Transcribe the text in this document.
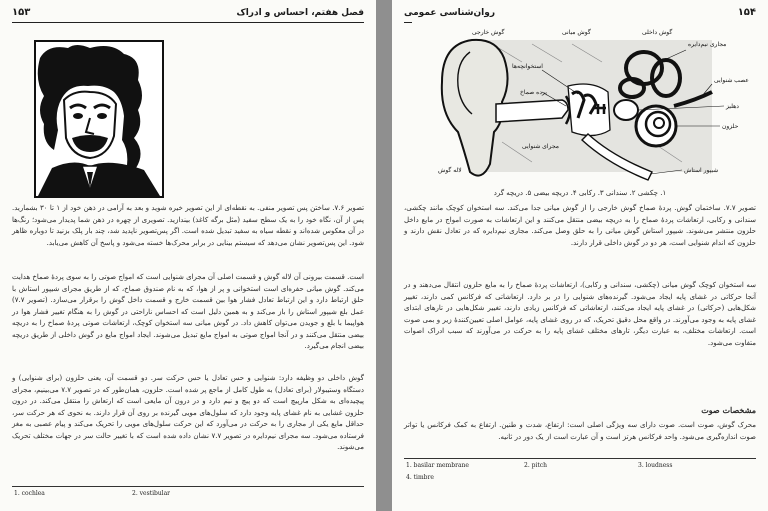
۱۵۳	فصل هفتم، احساس و ادراک
تصویر ۷.۶. ساختن پس تصویر منفی. به نقطه‌ای از این تصویر خیره شوید و بعد به آرامی در ذهن خود از ۱ تا ۳۰ بشمارید. پس از آن، نگاه خود را به یک سطح سفید (مثل برگه کاغذ) بیندازید. تصویری از چهره در ذهن شما پدیدار می‌شود؛ رنگ‌ها در آن معکوس شده‌اند و نقطه سیاه به سفید تبدیل شده است. اگر پس‌تصویر ناپدید شد، چند بار پلک بزنید تا دوباره ظاهر شود. این پس‌تصویر نشان می‌دهد که سیستم بینایی در برابر محرک‌ها خسته می‌شود و پاسخ آن کاهش می‌یابد.
است. قسمت بیرونی آن لاله گوش و قسمت اصلی آن مجرای شنوایی است که امواج صوتی را به سوی پردهٔ صماخ هدایت می‌کند. گوش میانی حفره‌ای است استخوانی و پر از هوا، که به نام صندوق صماخ، که از طریق مجرای شیپور استاش با حلق ارتباط دارد و این ارتباط تعادل فشار هوا بین قسمت خارج و قسمت داخل گوش را برقرار می‌سازد. (تصویر ۷.۷) عمل بلع شیپور استاش را باز می‌کند و به همین دلیل است که احساس ناراحتی در گوش را به هنگام تغییر فشار هوا در هواپیما با بلع و جویدن می‌توان کاهش داد. در گوش میانی سه استخوان کوچک، ارتعاشات صوتی پردهٔ صماخ را به دریچه بیضی منتقل می‌کنند و در آنجا امواج صوتی به امواج مایع تبدیل می‌شوند. ایجاد امواج مایع در گوش داخلی از طریق دریچه بیضی انجام می‌گیرد.
گوش داخلی دو وظیفه دارد: شنوایی و حس تعادل یا حس حرکت سر. دو قسمت آن، یعنی حلزون (برای شنوایی) و دستگاه وستیبولار (برای تعادل) به طول کامل از ماجع پر شده است. حلزون، همان‌طور که در تصویر ۷.۷ می‌بینیم، مجرای پیچیده‌ای به شکل مارپیچ است که دو پیچ و نیم دارد و در درون آن مایعی است که ارتعاش را منتقل می‌کند. در درون حلزون غشایی به نام غشای پایه وجود دارد که سلول‌های مویی گیرنده بر روی آن قرار دارند. به نحوی که هر حرکت سر، حداقل مایع یکی از مجاری را به حرکت در می‌آورد که این حرکت سلول‌های مویی را تحریک می‌کند و پیام عصبی به مغز فرستاده می‌شود. سه مجرای نیم‌دایره در تصویر ۷.۷ نشان داده شده است که با تغییر حالت سر در جهات مختلف تحریک می‌شوند.
1. cochlea	2. vestibular
روان‌شناسی عمومی	۱۵۴
گوش خارجی	گوش میانی	گوش داخلی
مجاری نیم‌دایره
عصب شنوایی
دهلیز
حلزون
شیپور استاش
پرده صماخ
مجرای شنوایی
لاله گوش
استخوانچه‌ها
۱. چکشی ۲. سندانی ۳. رکابی ۴. دریچه بیضی ۵. دریچه گرد
تصویر ۷.۷. ساختمان گوش. پردهٔ صماخ گوش خارجی را از گوش میانی جدا می‌کند. سه استخوان کوچک مانند چکشی، سندانی و رکابی، ارتعاشات پردهٔ صماخ را به دریچه بیضی منتقل می‌کنند و این ارتعاشات به صورت امواج در مایع داخل حلزون منتشر می‌شوند. شیپور استاش گوش میانی را به حلق وصل می‌کند. مجاری نیم‌دایره که در تعادل نقش دارند و حلزون که اندام شنوایی است، هر دو در گوش داخلی قرار دارند.
سه استخوان کوچک گوش میانی (چکشی، سندانی و رکابی)، ارتعاشات پردهٔ صماخ را به مایع حلزون انتقال می‌دهند و در آنجا حرکاتی در غشای پایه ایجاد می‌شود. گیرنده‌های شنوایی را در بر دارد. ارتعاشاتی که فرکانس کمی دارند، تغییر شکل‌هایی (حرکاتی) در غشای پایه ایجاد می‌کنند، ارتعاشاتی که فرکانس زیادی دارند، تغییر شکل‌هایی در تارهای ابتدای غشای پایه به وجود می‌آورند. در واقع محل دقیق تحریک، که در روی غشای پایه، عوامل اصلی تعیین‌کنندهٔ زیر و بمی صوت است. ارتعاشات مختلف، به عبارت دیگر، تارهای مختلف غشای پایه را به حرکت در می‌آورند که سبب ادراک اصوات متفاوت می‌شود.
مشخصات صوت
محرک گوش، صوت است. صوت دارای سه ویژگی اصلی است: ارتفاع، شدت و طنین. ارتفاع به کمک فرکانس یا تواتر صوت اندازه‌گیری می‌شود. واحد فرکانس هرتز است و آن عبارت است از یک دور در ثانیه.
1. basilar membrane	2. pitch	3. loudness
4. timbre
